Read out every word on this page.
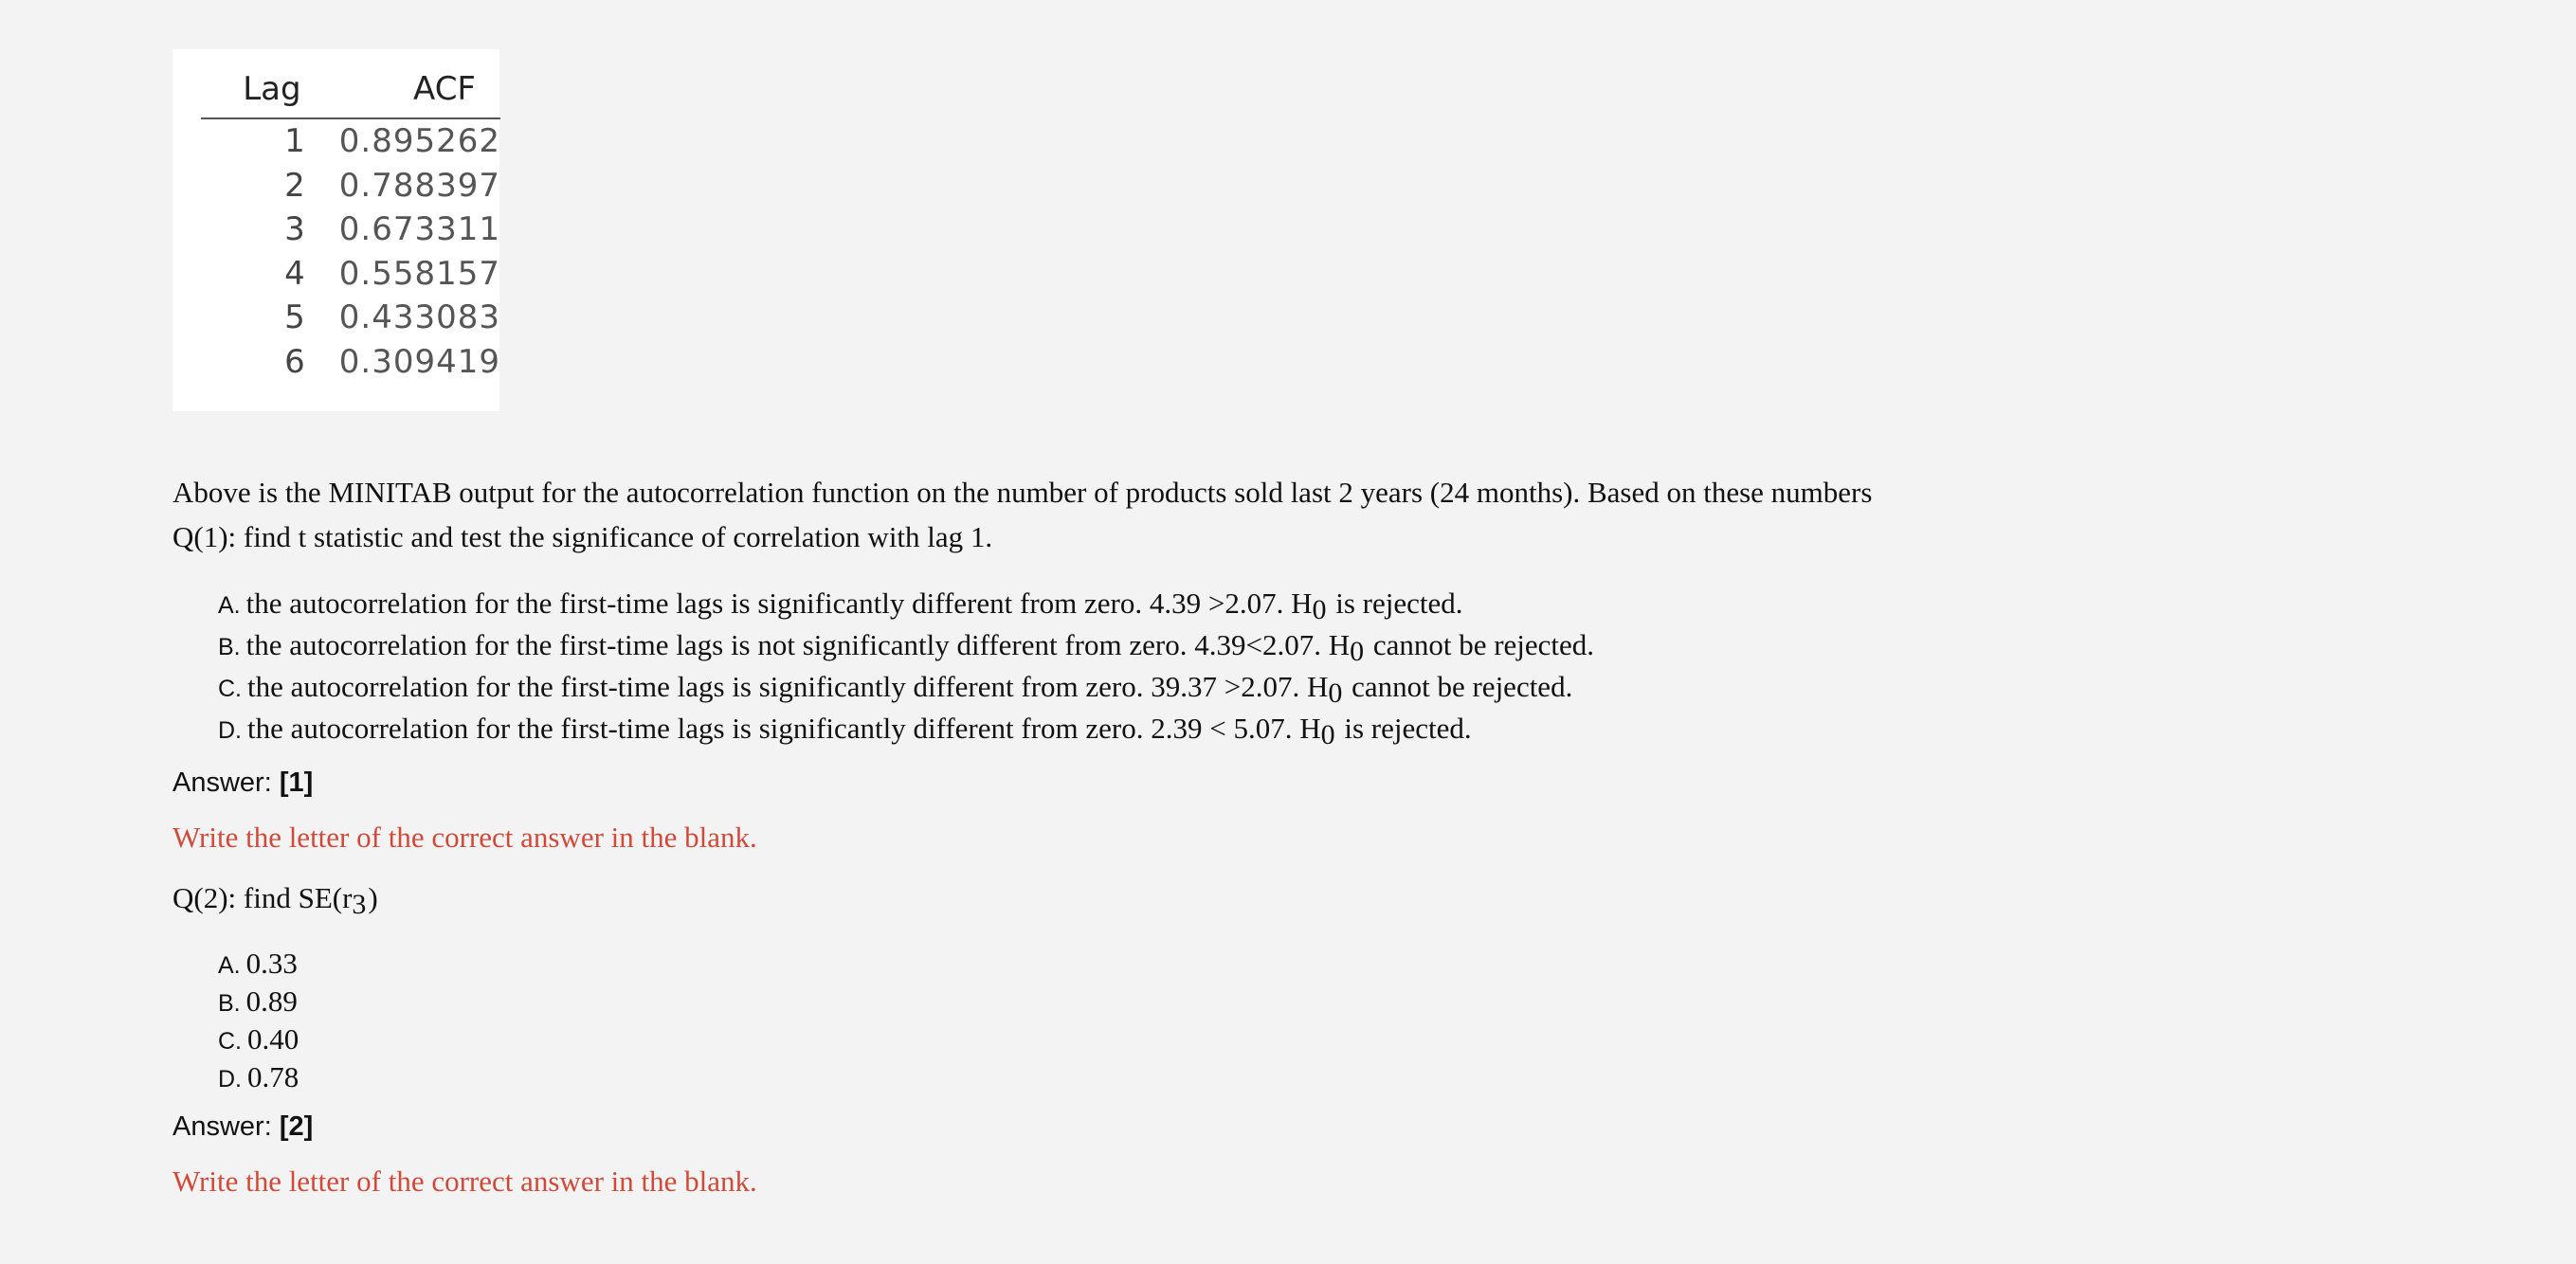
Lag	ACF
1	0.895262
2	0.788397
3	0.673311
4	0.558157
5	0.433083
6	0.309419
Above is the MINITAB output for the autocorrelation function on the number of products sold last 2 years (24 months). Based on these numbers
Q(1): find t statistic and test the significance of correlation with lag 1.
A. the autocorrelation for the first-time lags is significantly different from zero. 4.39 >2.07. H0 is rejected.
B. the autocorrelation for the first-time lags is not significantly different from zero. 4.39<2.07. H0 cannot be rejected.
C. the autocorrelation for the first-time lags is significantly different from zero. 39.37 >2.07. H0 cannot be rejected.
D. the autocorrelation for the first-time lags is significantly different from zero. 2.39 < 5.07. H0 is rejected.
Answer: [1]
Write the letter of the correct answer in the blank.
Q(2): find SE(r3)
A. 0.33
B. 0.89
C. 0.40
D. 0.78
Answer: [2]
Write the letter of the correct answer in the blank.
